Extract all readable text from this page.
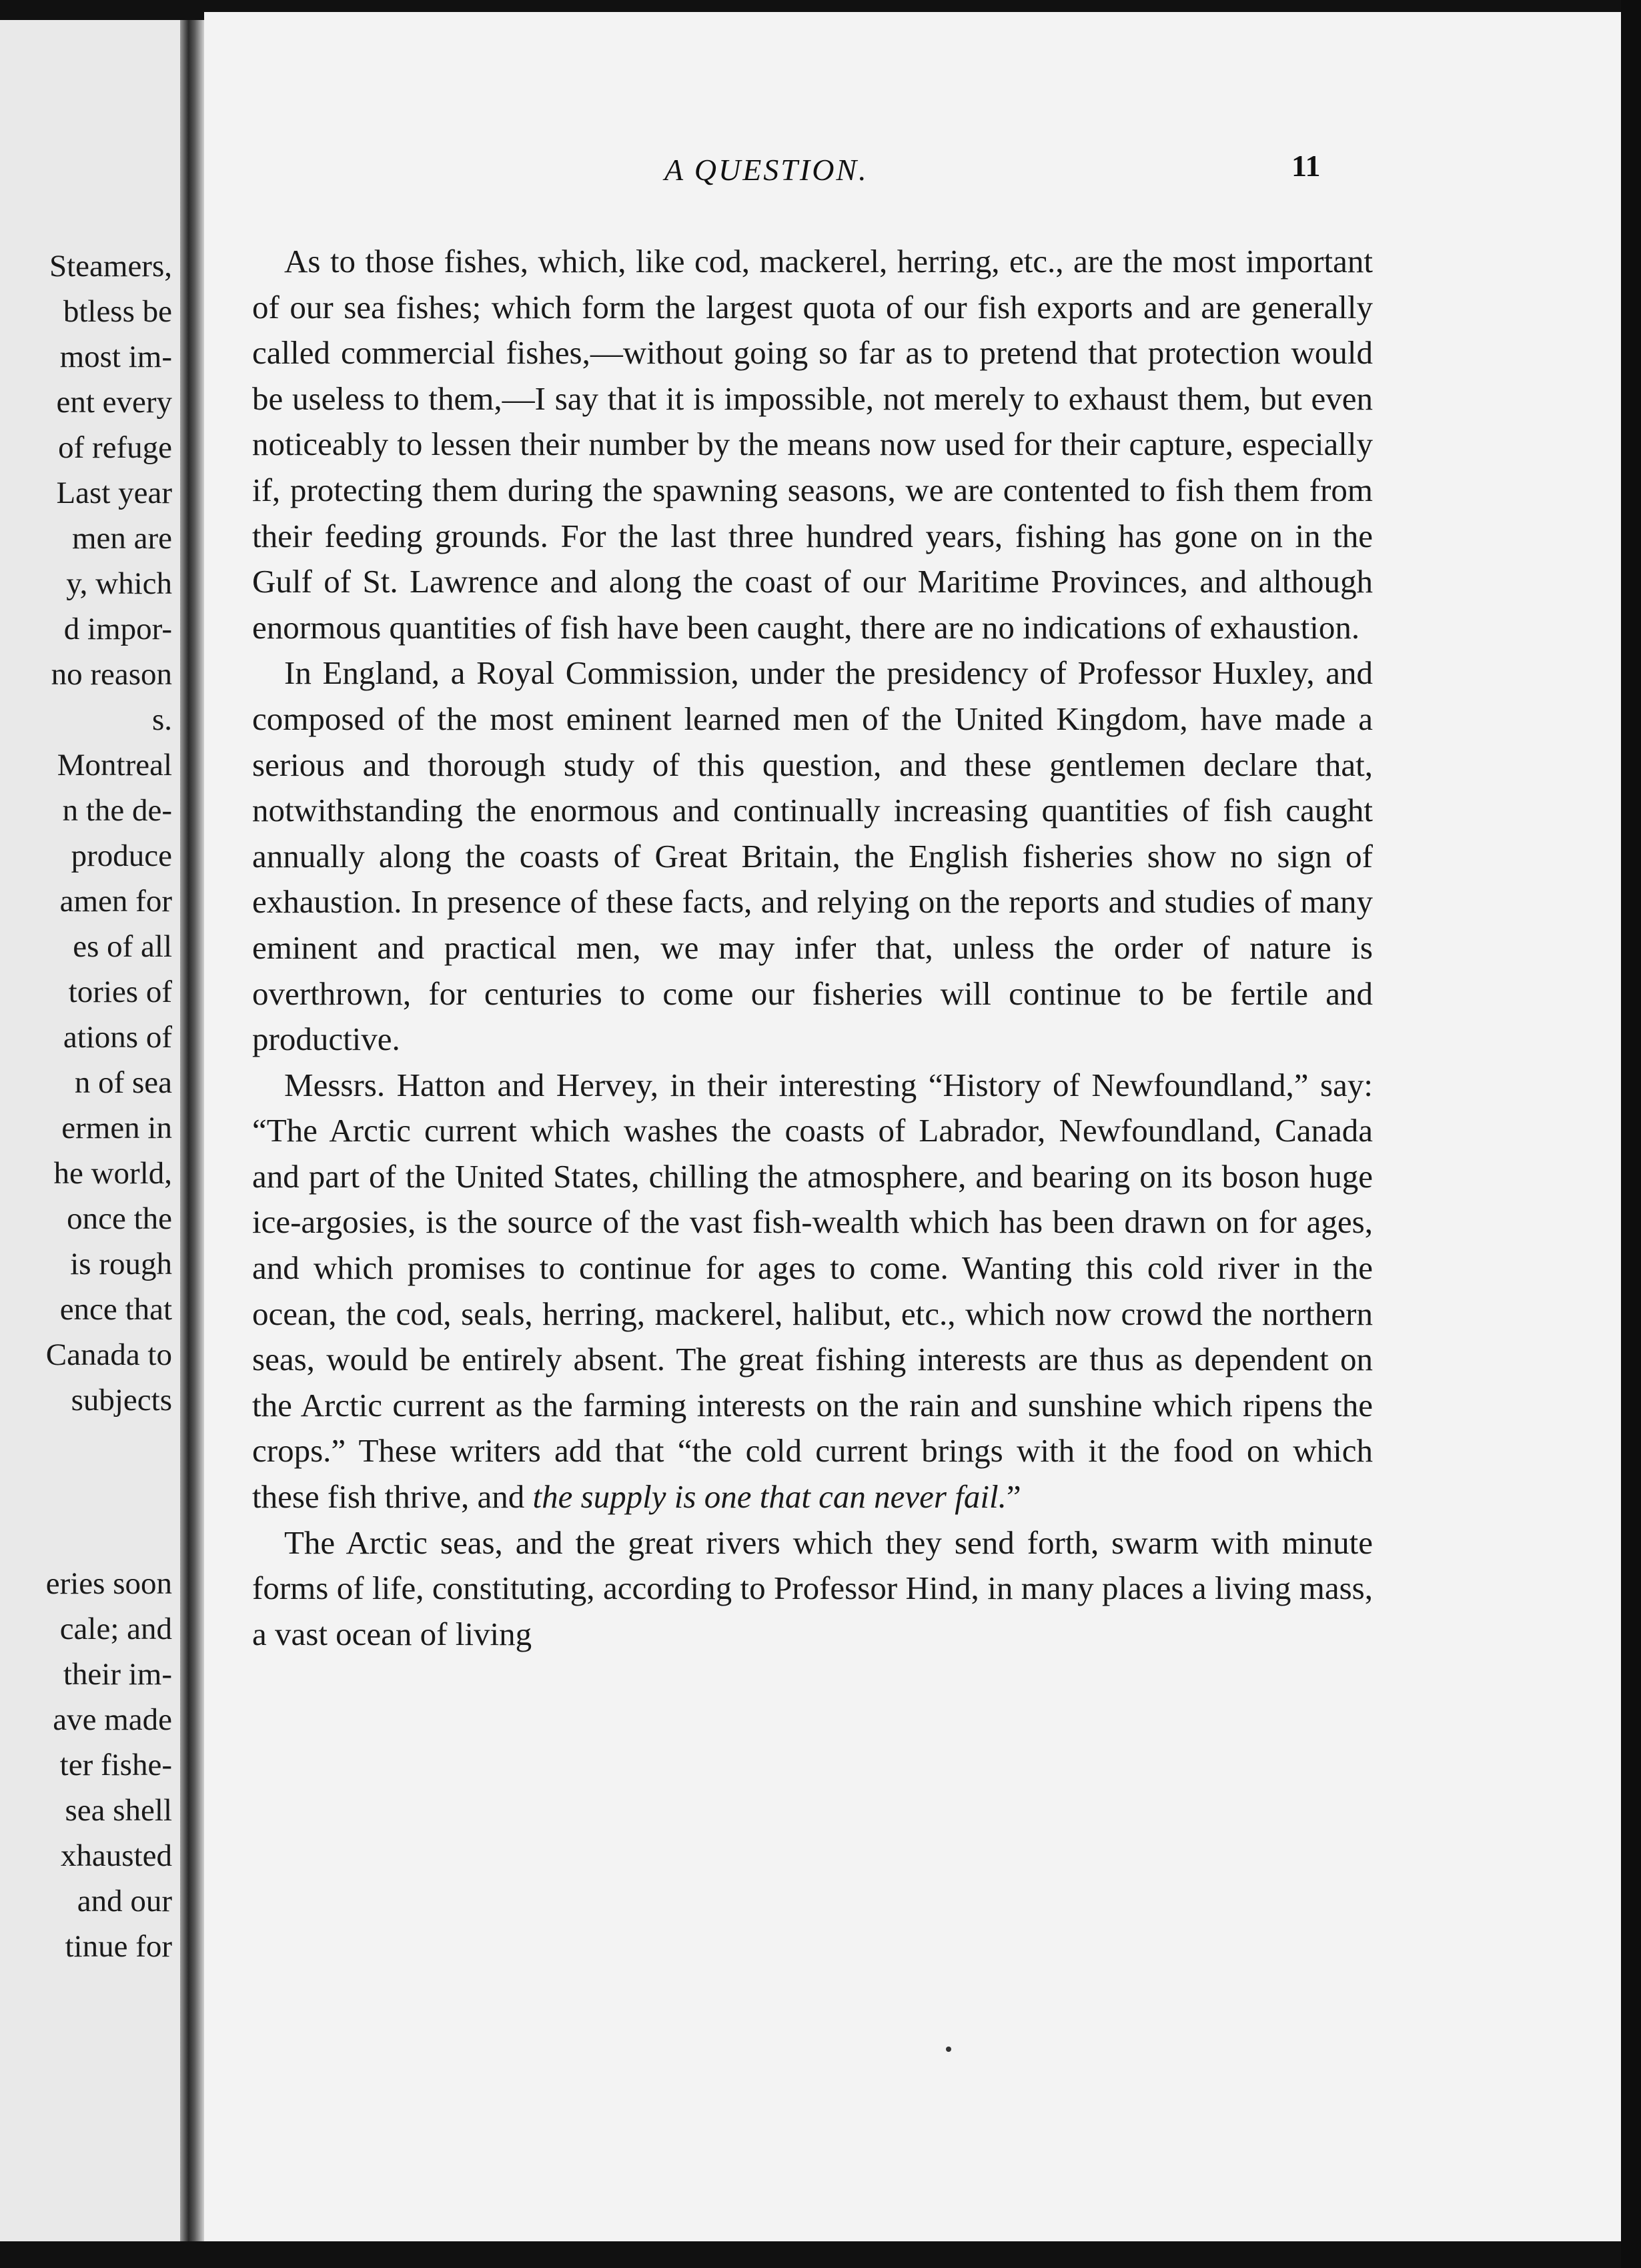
Steamers,
btless be
most im-
ent every
of refuge
Last year
men are
y, which
d impor-
no reason
s.
Montreal
n the de-
produce
amen for
es of all
tories of
ations of
n of sea
ermen in
he world,
once the
is rough
ence that
Canada to
subjects
eries soon
cale; and
their im-
ave made
ter fishe-
sea shell
xhausted
and our
tinue for
A QUESTION.	11

As to those fishes, which, like cod, mackerel, herring, etc., are the most important of our sea fishes; which form the largest quota of our fish exports and are generally called commercial fishes,—without going so far as to pretend that protection would be useless to them,—I say that it is impossible, not merely to exhaust them, but even noticeably to lessen their number by the means now used for their capture, especially if, protecting them during the spawning seasons, we are contented to fish them from their feeding grounds. For the last three hundred years, fishing has gone on in the Gulf of St. Lawrence and along the coast of our Maritime Provinces, and although enormous quantities of fish have been caught, there are no indications of exhaustion.

In England, a Royal Commission, under the presidency of Professor Huxley, and composed of the most eminent learned men of the United Kingdom, have made a serious and thorough study of this question, and these gentlemen declare that, notwithstanding the enormous and continually increasing quantities of fish caught annually along the coasts of Great Britain, the English fisheries show no sign of exhaustion. In presence of these facts, and relying on the reports and studies of many eminent and practical men, we may infer that, unless the order of nature is overthrown, for centuries to come our fisheries will continue to be fertile and productive.

Messrs. Hatton and Hervey, in their interesting “History of Newfoundland,” say: “The Arctic current which washes the coasts of Labrador, Newfoundland, Canada and part of the United States, chilling the atmosphere, and bearing on its boson huge ice-argosies, is the source of the vast fish-wealth which has been drawn on for ages, and which promises to continue for ages to come. Wanting this cold river in the ocean, the cod, seals, herring, mackerel, halibut, etc., which now crowd the northern seas, would be entirely absent. The great fishing interests are thus as dependent on the Arctic current as the farming interests on the rain and sunshine which ripens the crops.” These writers add that “the cold current brings with it the food on which these fish thrive, and the supply is one that can never fail.”

The Arctic seas, and the great rivers which they send forth, swarm with minute forms of life, constituting, according to Professor Hind, in many places a living mass, a vast ocean of living
